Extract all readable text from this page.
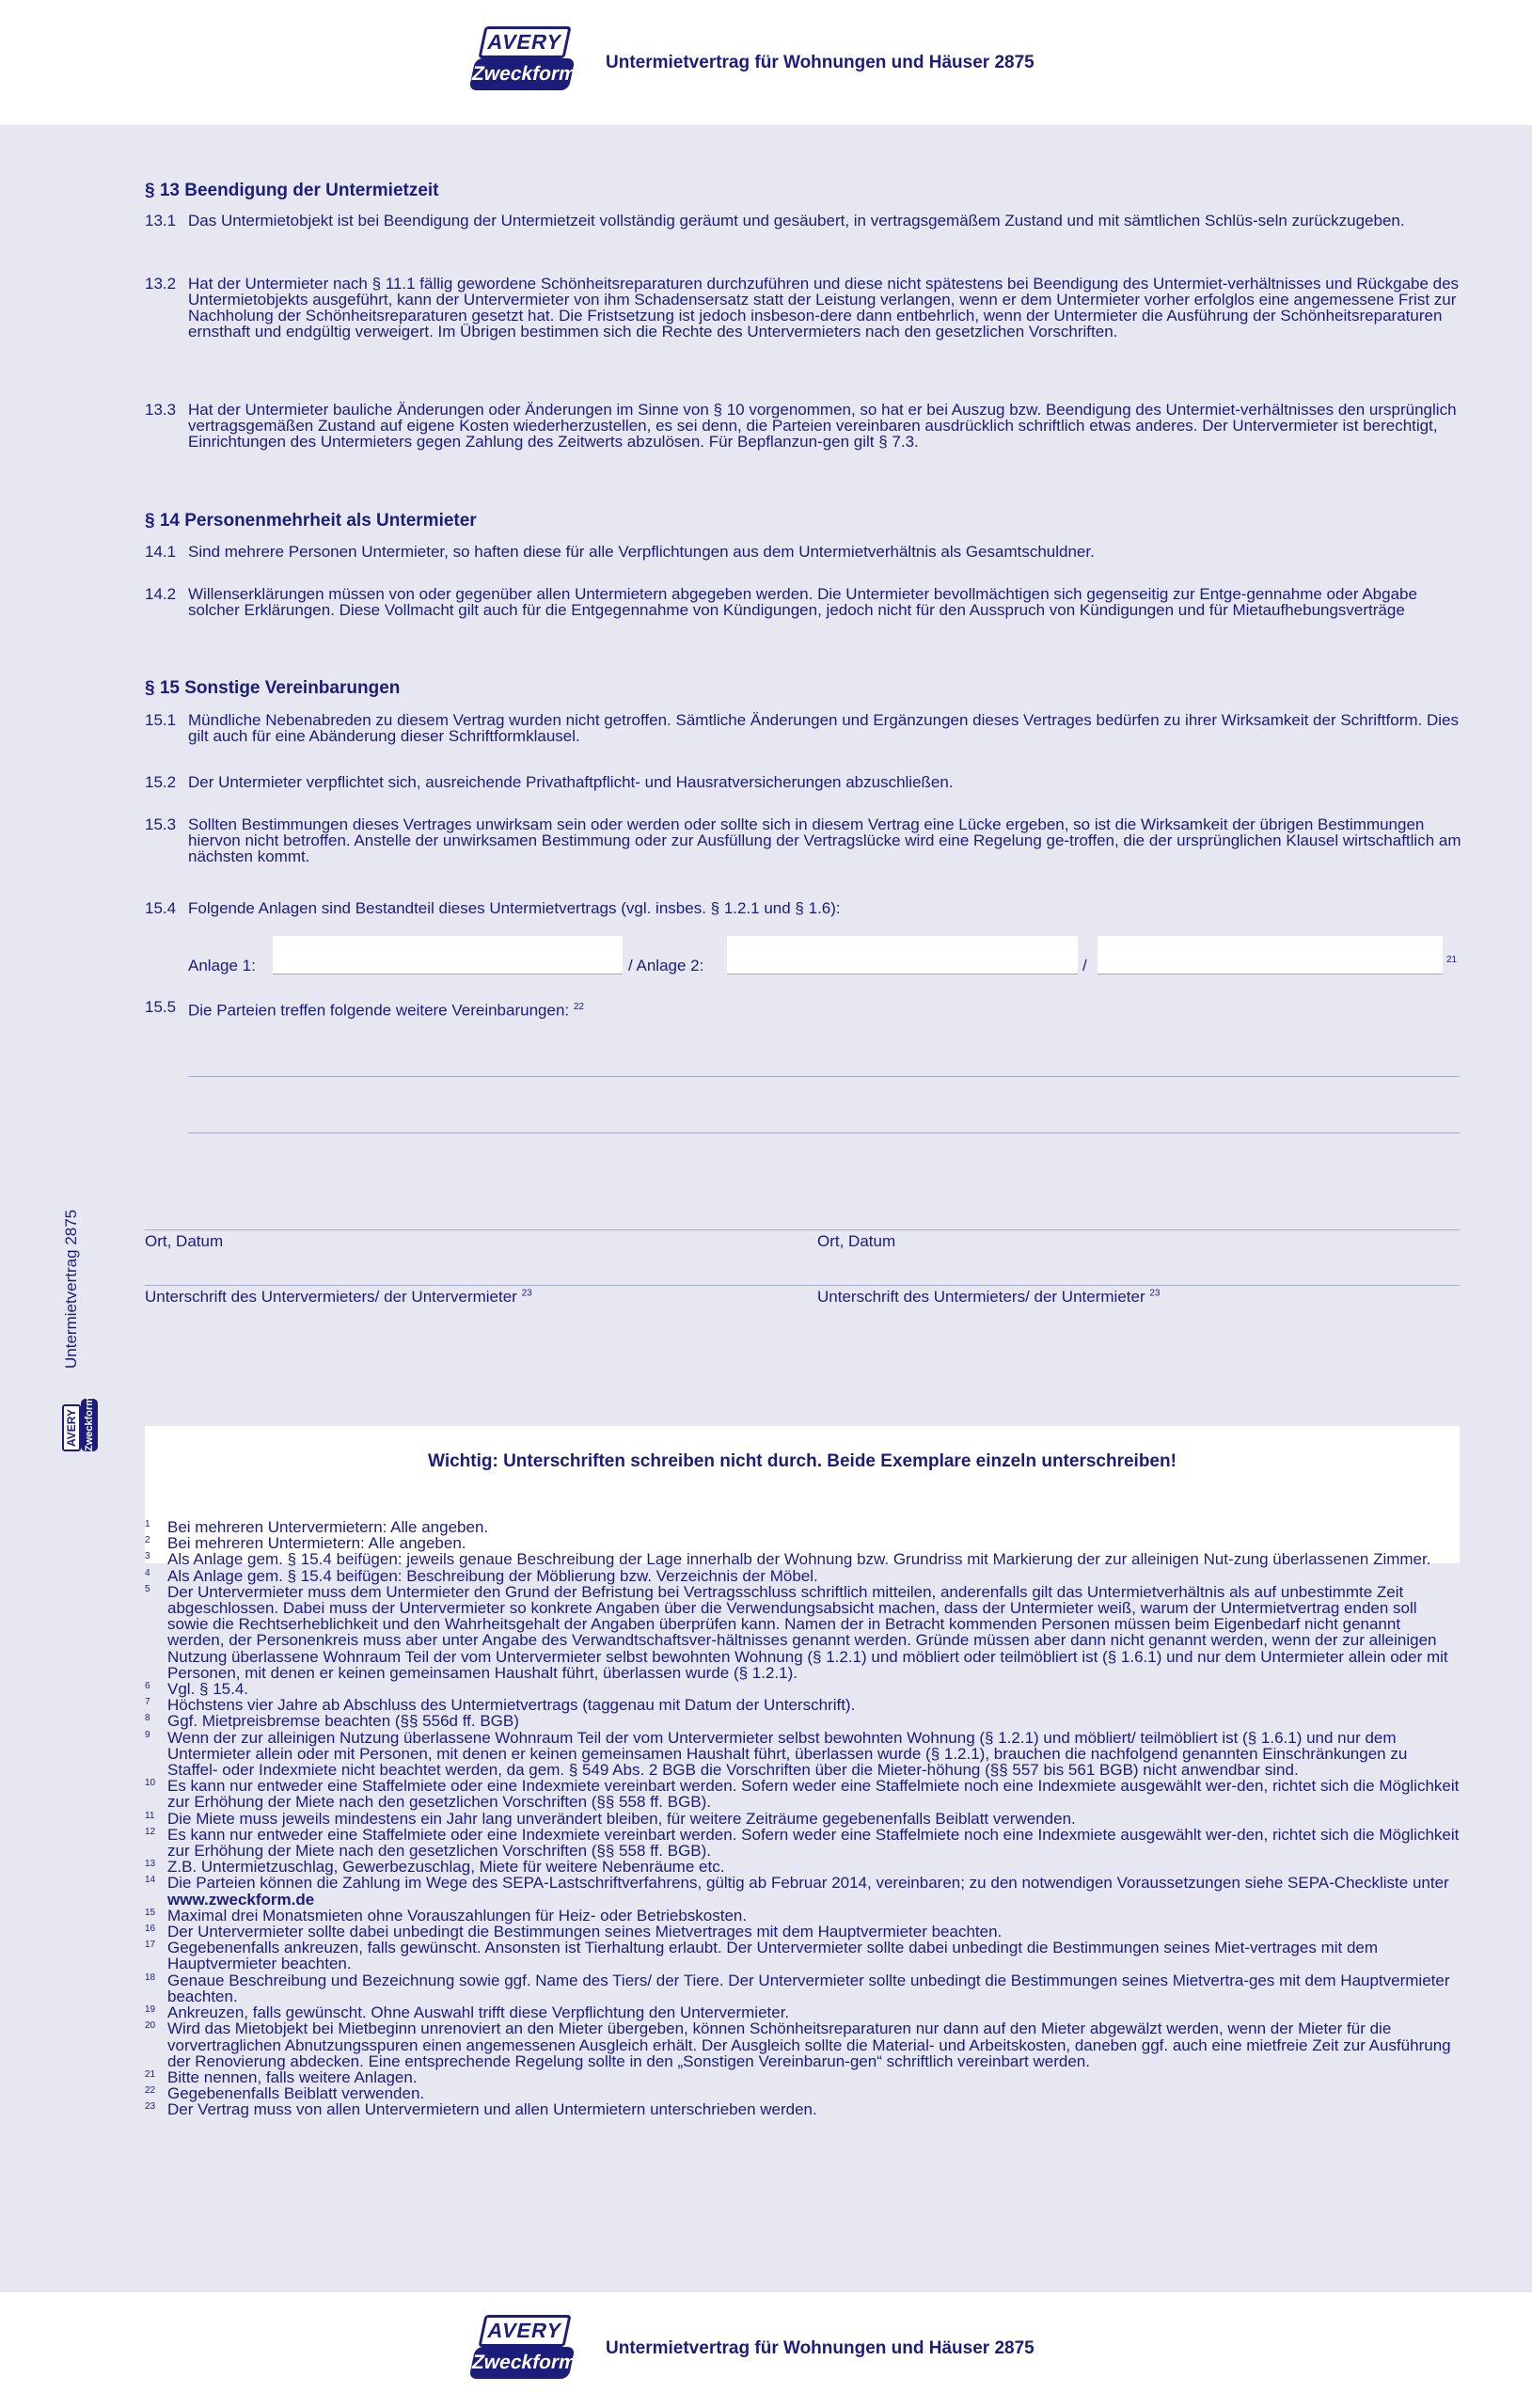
AVERY
Zweckform
Untermietvertrag für Wohnungen und Häuser 2875
Untermietvertrag 2875
AVERY Zweckform
§ 13 Beendigung der Untermietzeit
13.1 Das Untermietobjekt ist bei Beendigung der Untermietzeit vollständig geräumt und gesäubert, in vertragsgemäßem Zustand und mit sämtlichen Schlüs-seln zurückzugeben.
13.2 Hat der Untermieter nach § 11.1 fällig gewordene Schönheitsreparaturen durchzuführen und diese nicht spätestens bei Beendigung des Untermiet-verhältnisses und Rückgabe des Untermietobjekts ausgeführt, kann der Untervermieter von ihm Schadensersatz statt der Leistung verlangen, wenn er dem Untermieter vorher erfolglos eine angemessene Frist zur Nachholung der Schönheitsreparaturen gesetzt hat. Die Fristsetzung ist jedoch insbeson-dere dann entbehrlich, wenn der Untermieter die Ausführung der Schönheitsreparaturen ernsthaft und endgültig verweigert. Im Übrigen bestimmen sich die Rechte des Untervermieters nach den gesetzlichen Vorschriften.
13.3 Hat der Untermieter bauliche Änderungen oder Änderungen im Sinne von § 10 vorgenommen, so hat er bei Auszug bzw. Beendigung des Untermiet-verhältnisses den ursprünglich vertragsgemäßen Zustand auf eigene Kosten wiederherzustellen, es sei denn, die Parteien vereinbaren ausdrücklich schriftlich etwas anderes. Der Untervermieter ist berechtigt, Einrichtungen des Untermieters gegen Zahlung des Zeitwerts abzulösen. Für Bepflanzun-gen gilt § 7.3.
§ 14 Personenmehrheit als Untermieter
14.1 Sind mehrere Personen Untermieter, so haften diese für alle Verpflichtungen aus dem Untermietverhältnis als Gesamtschuldner.
14.2 Willenserklärungen müssen von oder gegenüber allen Untermietern abgegeben werden. Die Untermieter bevollmächtigen sich gegenseitig zur Entge-gennahme oder Abgabe solcher Erklärungen. Diese Vollmacht gilt auch für die Entgegennahme von Kündigungen, jedoch nicht für den Ausspruch von Kündigungen und für Mietaufhebungsverträge
§ 15 Sonstige Vereinbarungen
15.1 Mündliche Nebenabreden zu diesem Vertrag wurden nicht getroffen. Sämtliche Änderungen und Ergänzungen dieses Vertrages bedürfen zu ihrer Wirksamkeit der Schriftform. Dies gilt auch für eine Abänderung dieser Schriftformklausel.
15.2 Der Untermieter verpflichtet sich, ausreichende Privathaftpflicht- und Hausratversicherungen abzuschließen.
15.3 Sollten Bestimmungen dieses Vertrages unwirksam sein oder werden oder sollte sich in diesem Vertrag eine Lücke ergeben, so ist die Wirksamkeit der übrigen Bestimmungen hiervon nicht betroffen. Anstelle der unwirksamen Bestimmung oder zur Ausfüllung der Vertragslücke wird eine Regelung ge-troffen, die der ursprünglichen Klausel wirtschaftlich am nächsten kommt.
15.4 Folgende Anlagen sind Bestandteil dieses Untermietvertrags (vgl. insbes. § 1.2.1 und § 1.6):
Anlage 1:	/ Anlage 2:	/	21
15.5 Die Parteien treffen folgende weitere Vereinbarungen: $^{22}$
Ort, Datum	Ort, Datum
Unterschrift des Untervermieters/ der Untervermieter $^{23}$	Unterschrift des Untermieters/ der Untermieter $^{23}$
Wichtig: Unterschriften schreiben nicht durch. Beide Exemplare einzeln unterschreiben!
1 Bei mehreren Untervermietern: Alle angeben.
2 Bei mehreren Untermietern: Alle angeben.
3 Als Anlage gem. § 15.4 beifügen: jeweils genaue Beschreibung der Lage innerhalb der Wohnung bzw. Grundriss mit Markierung der zur alleinigen Nut-zung überlassenen Zimmer.
4 Als Anlage gem. § 15.4 beifügen: Beschreibung der Möblierung bzw. Verzeichnis der Möbel.
5 Der Untervermieter muss dem Untermieter den Grund der Befristung bei Vertragsschluss schriftlich mitteilen, anderenfalls gilt das Untermietverhältnis als auf unbestimmte Zeit abgeschlossen. Dabei muss der Untervermieter so konkrete Angaben über die Verwendungsabsicht machen, dass der Untermieter weiß, warum der Untermietvertrag enden soll sowie die Rechtserheblichkeit und den Wahrheitsgehalt der Angaben überprüfen kann. Namen der in Betracht kommenden Personen müssen beim Eigenbedarf nicht genannt werden, der Personenkreis muss aber unter Angabe des Verwandtschaftsver-hältnisses genannt werden. Gründe müssen aber dann nicht genannt werden, wenn der zur alleinigen Nutzung überlassene Wohnraum Teil der vom Untervermieter selbst bewohnten Wohnung (§ 1.2.1) und möbliert oder teilmöbliert ist (§ 1.6.1) und nur dem Untermieter allein oder mit Personen, mit denen er keinen gemeinsamen Haushalt führt, überlassen wurde (§ 1.2.1).
6 Vgl. § 15.4.
7 Höchstens vier Jahre ab Abschluss des Untermietvertrags (taggenau mit Datum der Unterschrift).
8 Ggf. Mietpreisbremse beachten (§§ 556d ff. BGB)
9 Wenn der zur alleinigen Nutzung überlassene Wohnraum Teil der vom Untervermieter selbst bewohnten Wohnung (§ 1.2.1) und möbliert/ teilmöbliert ist (§ 1.6.1) und nur dem Untermieter allein oder mit Personen, mit denen er keinen gemeinsamen Haushalt führt, überlassen wurde (§ 1.2.1), brauchen die nachfolgend genannten Einschränkungen zu Staffel- oder Indexmiete nicht beachtet werden, da gem. § 549 Abs. 2 BGB die Vorschriften über die Mieter-höhung (§§ 557 bis 561 BGB) nicht anwendbar sind.
10 Es kann nur entweder eine Staffelmiete oder eine Indexmiete vereinbart werden. Sofern weder eine Staffelmiete noch eine Indexmiete ausgewählt wer-den, richtet sich die Möglichkeit zur Erhöhung der Miete nach den gesetzlichen Vorschriften (§§ 558 ff. BGB).
11 Die Miete muss jeweils mindestens ein Jahr lang unverändert bleiben, für weitere Zeiträume gegebenenfalls Beiblatt verwenden.
12 Es kann nur entweder eine Staffelmiete oder eine Indexmiete vereinbart werden. Sofern weder eine Staffelmiete noch eine Indexmiete ausgewählt wer-den, richtet sich die Möglichkeit zur Erhöhung der Miete nach den gesetzlichen Vorschriften (§§ 558 ff. BGB).
13 Z.B. Untermietzuschlag, Gewerbezuschlag, Miete für weitere Nebenräume etc.
14 Die Parteien können die Zahlung im Wege des SEPA-Lastschriftverfahrens, gültig ab Februar 2014, vereinbaren; zu den notwendigen Voraussetzungen siehe SEPA-Checkliste unter www.zweckform.de
15 Maximal drei Monatsmieten ohne Vorauszahlungen für Heiz- oder Betriebskosten.
16 Der Untervermieter sollte dabei unbedingt die Bestimmungen seines Mietvertrages mit dem Hauptvermieter beachten.
17 Gegebenenfalls ankreuzen, falls gewünscht. Ansonsten ist Tierhaltung erlaubt. Der Untervermieter sollte dabei unbedingt die Bestimmungen seines Miet-vertrages mit dem Hauptvermieter beachten.
18 Genaue Beschreibung und Bezeichnung sowie ggf. Name des Tiers/ der Tiere. Der Untervermieter sollte unbedingt die Bestimmungen seines Mietvertra-ges mit dem Hauptvermieter beachten.
19 Ankreuzen, falls gewünscht. Ohne Auswahl trifft diese Verpflichtung den Untervermieter.
20 Wird das Mietobjekt bei Mietbeginn unrenoviert an den Mieter übergeben, können Schönheitsreparaturen nur dann auf den Mieter abgewälzt werden, wenn der Mieter für die vorvertraglichen Abnutzungsspuren einen angemessenen Ausgleich erhält. Der Ausgleich sollte die Material- und Arbeitskosten, daneben ggf. auch eine mietfreie Zeit zur Ausführung der Renovierung abdecken. Eine entsprechende Regelung sollte in den „Sonstigen Vereinbarun-gen“ schriftlich vereinbart werden.
21 Bitte nennen, falls weitere Anlagen.
22 Gegebenenfalls Beiblatt verwenden.
23 Der Vertrag muss von allen Untervermietern und allen Untermietern unterschrieben werden.
AVERY
Zweckform
Untermietvertrag für Wohnungen und Häuser 2875
